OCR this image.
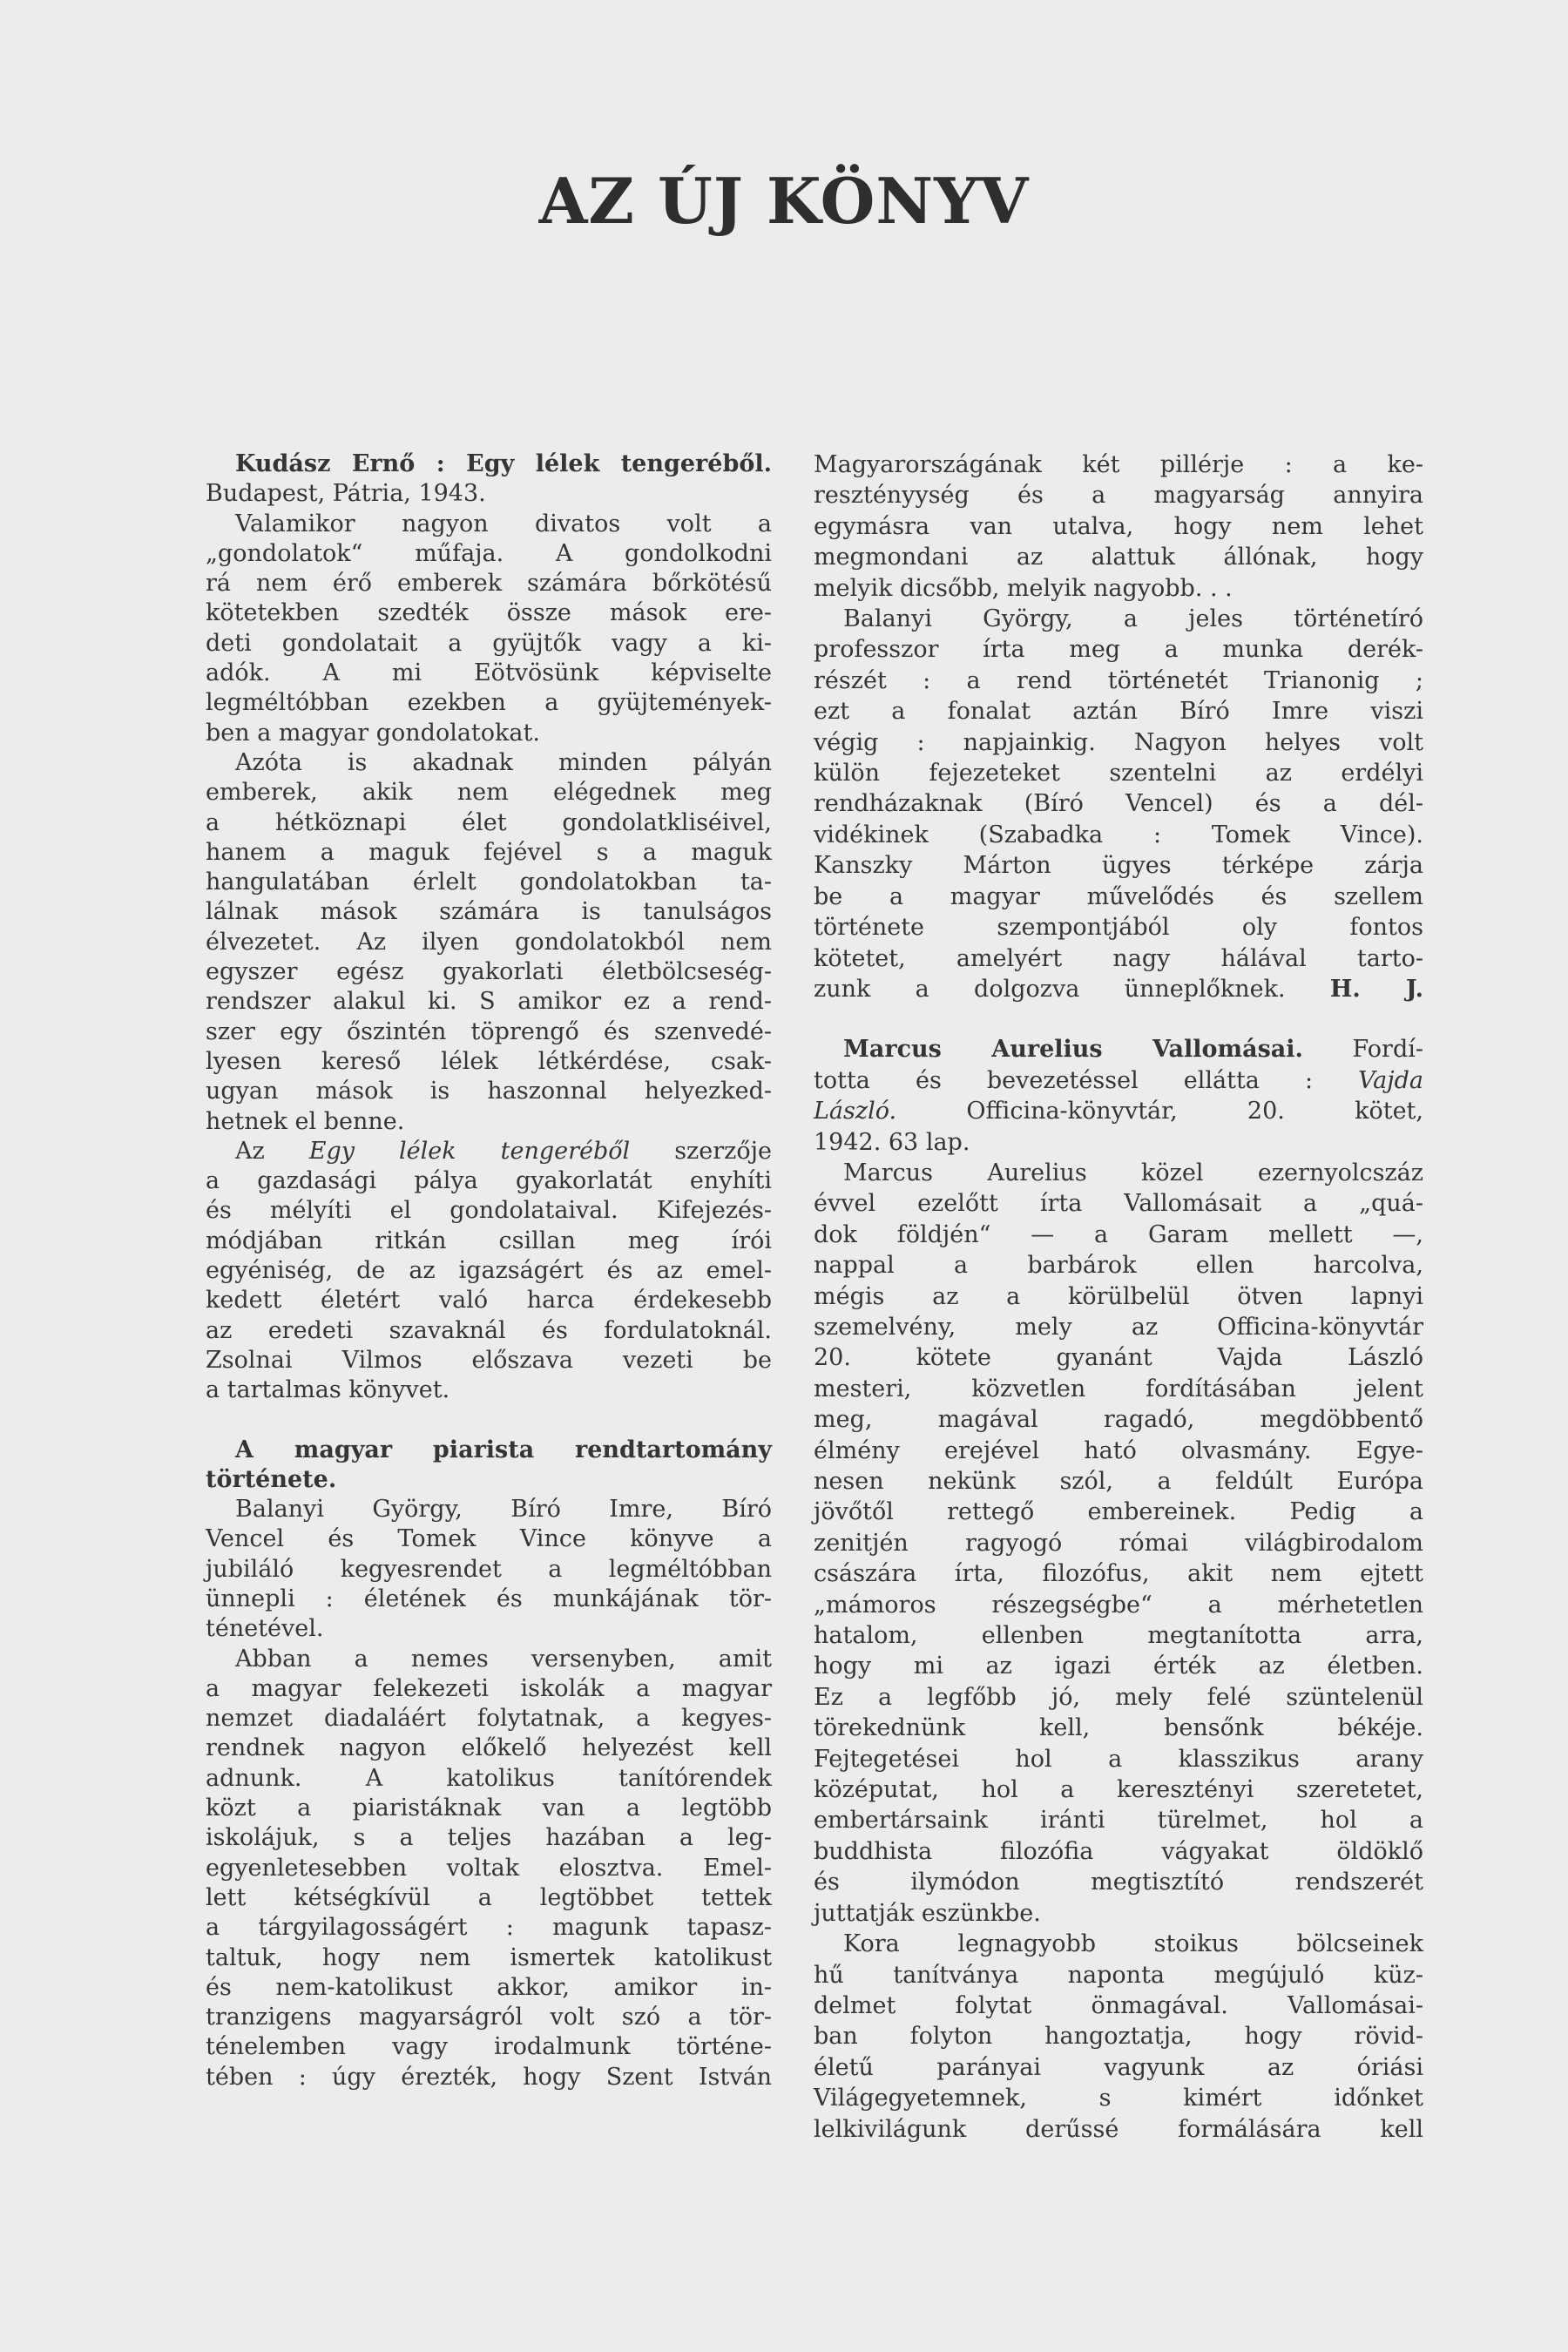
AZ ÚJ KÖNYV
Kudász Ernő : Egy lélek tengeréből.
Budapest, Pátria, 1943.
Valamikor nagyon divatos volt a
„gondolatok“ műfaja. A gondolkodni
rá nem érő emberek számára bőrkötésű
kötetekben szedték össze mások ere-
deti gondolatait a gyüjtők vagy a ki-
adók. A mi Eötvösünk képviselte
legméltóbban ezekben a gyüjtemények-
ben a magyar gondolatokat.
Azóta is akadnak minden pályán
emberek, akik nem elégednek meg
a hétköznapi élet gondolatkliséivel,
hanem a maguk fejével s a maguk
hangulatában érlelt gondolatokban ta-
lálnak mások számára is tanulságos
élvezetet. Az ilyen gondolatokból nem
egyszer egész gyakorlati életbölcseség-
rendszer alakul ki. S amikor ez a rend-
szer egy őszintén töprengő és szenvedé-
lyesen kereső lélek létkérdése, csak-
ugyan mások is haszonnal helyezked-
hetnek el benne.
Az Egy lélek tengeréből szerzője
a gazdasági pálya gyakorlatát enyhíti
és mélyíti el gondolataival. Kifejezés-
módjában ritkán csillan meg írói
egyéniség, de az igazságért és az emel-
kedett életért való harca érdekesebb
az eredeti szavaknál és fordulatoknál.
Zsolnai Vilmos előszava vezeti be
a tartalmas könyvet.
A magyar piarista rendtartomány
története.
Balanyi György, Bíró Imre, Bíró
Vencel és Tomek Vince könyve a
jubiláló kegyesrendet a legméltóbban
ünnepli : életének és munkájának tör-
ténetével.
Abban a nemes versenyben, amit
a magyar felekezeti iskolák a magyar
nemzet diadaláért folytatnak, a kegyes-
rendnek nagyon előkelő helyezést kell
adnunk. A katolikus tanítórendek
közt a piaristáknak van a legtöbb
iskolájuk, s a teljes hazában a leg-
egyenletesebben voltak elosztva. Emel-
lett kétségkívül a legtöbbet tettek
a tárgyilagosságért : magunk tapasz-
taltuk, hogy nem ismertek katolikust
és nem-katolikust akkor, amikor in-
tranzigens magyarságról volt szó a tör-
ténelemben vagy irodalmunk történe-
tében : úgy érezték, hogy Szent István
Magyarországának két pillérje : a ke-
resztényység és a magyarság annyira
egymásra van utalva, hogy nem lehet
megmondani az alattuk állónak, hogy
melyik dicsőbb, melyik nagyobb. . .
Balanyi György, a jeles történetíró
professzor írta meg a munka derék-
részét : a rend történetét Trianonig ;
ezt a fonalat aztán Bíró Imre viszi
végig : napjainkig. Nagyon helyes volt
külön fejezeteket szentelni az erdélyi
rendházaknak (Bíró Vencel) és a dél-
vidékinek (Szabadka : Tomek Vince).
Kanszky Márton ügyes térképe zárja
be a magyar művelődés és szellem
története szempontjából oly fontos
kötetet, amelyért nagy hálával tarto-
zunk a dolgozva ünneplőknek. H. J.
Marcus Aurelius Vallomásai. Fordí-
totta és bevezetéssel ellátta : Vajda
László. Officina-könyvtár, 20. kötet,
1942. 63 lap.
Marcus Aurelius közel ezernyolcszáz
évvel ezelőtt írta Vallomásait a „quá-
dok földjén“ — a Garam mellett —,
nappal a barbárok ellen harcolva,
mégis az a körülbelül ötven lapnyi
szemelvény, mely az Officina-könyvtár
20. kötete gyanánt Vajda László
mesteri, közvetlen fordításában jelent
meg, magával ragadó, megdöbbentő
élmény erejével ható olvasmány. Egye-
nesen nekünk szól, a feldúlt Európa
jövőtől rettegő embereinek. Pedig a
zenitjén ragyogó római világbirodalom
császára írta, filozófus, akit nem ejtett
„mámoros részegségbe“ a mérhetetlen
hatalom, ellenben megtanította arra,
hogy mi az igazi érték az életben.
Ez a legfőbb jó, mely felé szüntelenül
törekednünk kell, bensőnk békéje.
Fejtegetései hol a klasszikus arany
középutat, hol a keresztényi szeretetet,
embertársaink iránti türelmet, hol a
buddhista filozófia vágyakat öldöklő
és ilymódon megtisztító rendszerét
juttatják eszünkbe.
Kora legnagyobb stoikus bölcseinek
hű tanítványa naponta megújuló küz-
delmet folytat önmagával. Vallomásai-
ban folyton hangoztatja, hogy rövid-
életű parányai vagyunk az óriási
Világegyetemnek, s kimért időnket
lelkivilágunk derűssé formálására kell
